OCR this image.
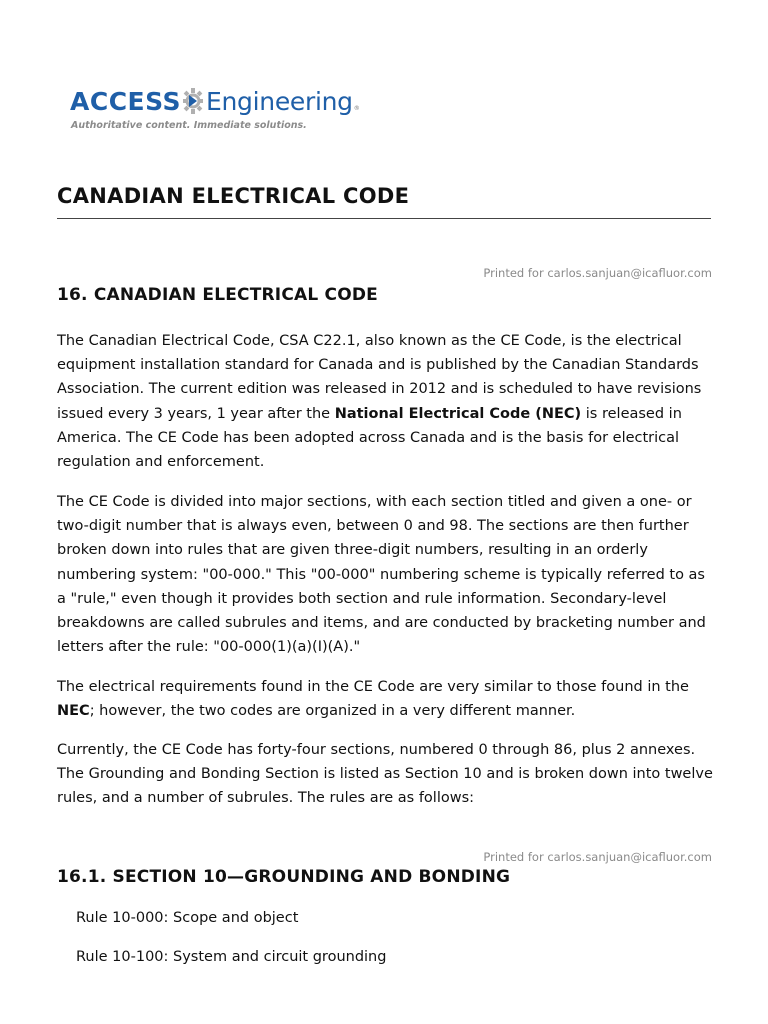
ACCESS Engineering ®
Authoritative content. Immediate solutions.
CANADIAN ELECTRICAL CODE
Printed for carlos.sanjuan@icafluor.com
16. CANADIAN ELECTRICAL CODE

The Canadian Electrical Code, CSA C22.1, also known as the CE Code, is the electrical equipment installation standard for Canada and is published by the Canadian Standards Association. The current edition was released in 2012 and is scheduled to have revisions issued every 3 years, 1 year after the National Electrical Code (NEC) is released in America. The CE Code has been adopted across Canada and is the basis for electrical regulation and enforcement.

The CE Code is divided into major sections, with each section titled and given a one- or two-digit number that is always even, between 0 and 98. The sections are then further broken down into rules that are given three-digit numbers, resulting in an orderly numbering system: "00-000." This "00-000" numbering scheme is typically referred to as a "rule," even though it provides both section and rule information. Secondary-level breakdowns are called subrules and items, and are conducted by bracketing number and letters after the rule: "00-000(1)(a)(I)(A)."

The electrical requirements found in the CE Code are very similar to those found in the NEC; however, the two codes are organized in a very different manner.

Currently, the CE Code has forty-four sections, numbered 0 through 86, plus 2 annexes. The Grounding and Bonding Section is listed as Section 10 and is broken down into twelve rules, and a number of subrules. The rules are as follows:

Printed for carlos.sanjuan@icafluor.com
16.1. SECTION 10—GROUNDING AND BONDING

Rule 10-000: Scope and object

Rule 10-100: System and circuit grounding
